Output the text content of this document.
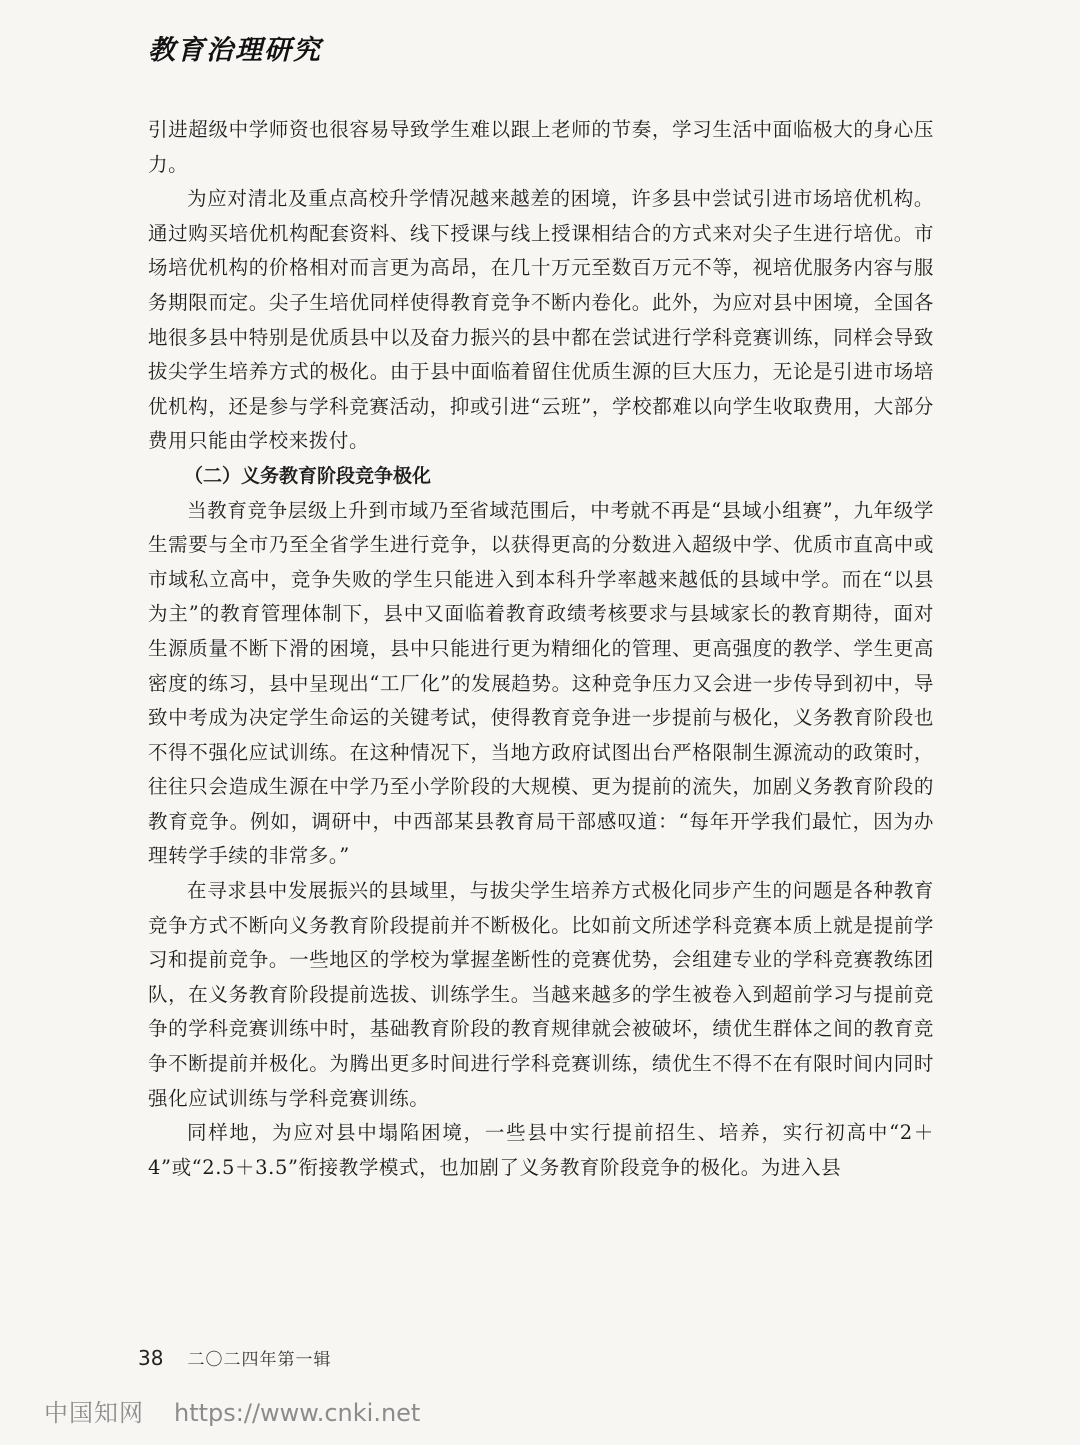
教育治理研究

引进超级中学师资也很容易导致学生难以跟上老师的节奏，学习生活中面临极大的身心压力。

为应对清北及重点高校升学情况越来越差的困境，许多县中尝试引进市场培优机构。通过购买培优机构配套资料、线下授课与线上授课相结合的方式来对尖子生进行培优。市场培优机构的价格相对而言更为高昂，在几十万元至数百万元不等，视培优服务内容与服务期限而定。尖子生培优同样使得教育竞争不断内卷化。此外，为应对县中困境，全国各地很多县中特别是优质县中以及奋力振兴的县中都在尝试进行学科竞赛训练，同样会导致拔尖学生培养方式的极化。由于县中面临着留住优质生源的巨大压力，无论是引进市场培优机构，还是参与学科竞赛活动，抑或引进“云班”，学校都难以向学生收取费用，大部分费用只能由学校来拨付。

（二）义务教育阶段竞争极化

当教育竞争层级上升到市域乃至省域范围后，中考就不再是“县域小组赛”，九年级学生需要与全市乃至全省学生进行竞争，以获得更高的分数进入超级中学、优质市直高中或市域私立高中，竞争失败的学生只能进入到本科升学率越来越低的县域中学。而在“以县为主”的教育管理体制下，县中又面临着教育政绩考核要求与县域家长的教育期待，面对生源质量不断下滑的困境，县中只能进行更为精细化的管理、更高强度的教学、学生更高密度的练习，县中呈现出“工厂化”的发展趋势。这种竞争压力又会进一步传导到初中，导致中考成为决定学生命运的关键考试，使得教育竞争进一步提前与极化，义务教育阶段也不得不强化应试训练。在这种情况下，当地方政府试图出台严格限制生源流动的政策时，往往只会造成生源在中学乃至小学阶段的大规模、更为提前的流失，加剧义务教育阶段的教育竞争。例如，调研中，中西部某县教育局干部感叹道：“每年开学我们最忙，因为办理转学手续的非常多。”

在寻求县中发展振兴的县域里，与拔尖学生培养方式极化同步产生的问题是各种教育竞争方式不断向义务教育阶段提前并不断极化。比如前文所述学科竞赛本质上就是提前学习和提前竞争。一些地区的学校为掌握垄断性的竞赛优势，会组建专业的学科竞赛教练团队，在义务教育阶段提前选拔、训练学生。当越来越多的学生被卷入到超前学习与提前竞争的学科竞赛训练中时，基础教育阶段的教育规律就会被破坏，绩优生群体之间的教育竞争不断提前并极化。为腾出更多时间进行学科竞赛训练，绩优生不得不在有限时间内同时强化应试训练与学科竞赛训练。

同样地，为应对县中塌陷困境，一些县中实行提前招生、培养，实行初高中“2＋4”或“2.5＋3.5”衔接教学模式，也加剧了义务教育阶段竞争的极化。为进入县

38 二〇二四年第一辑
中国知网 https://www.cnki.net
